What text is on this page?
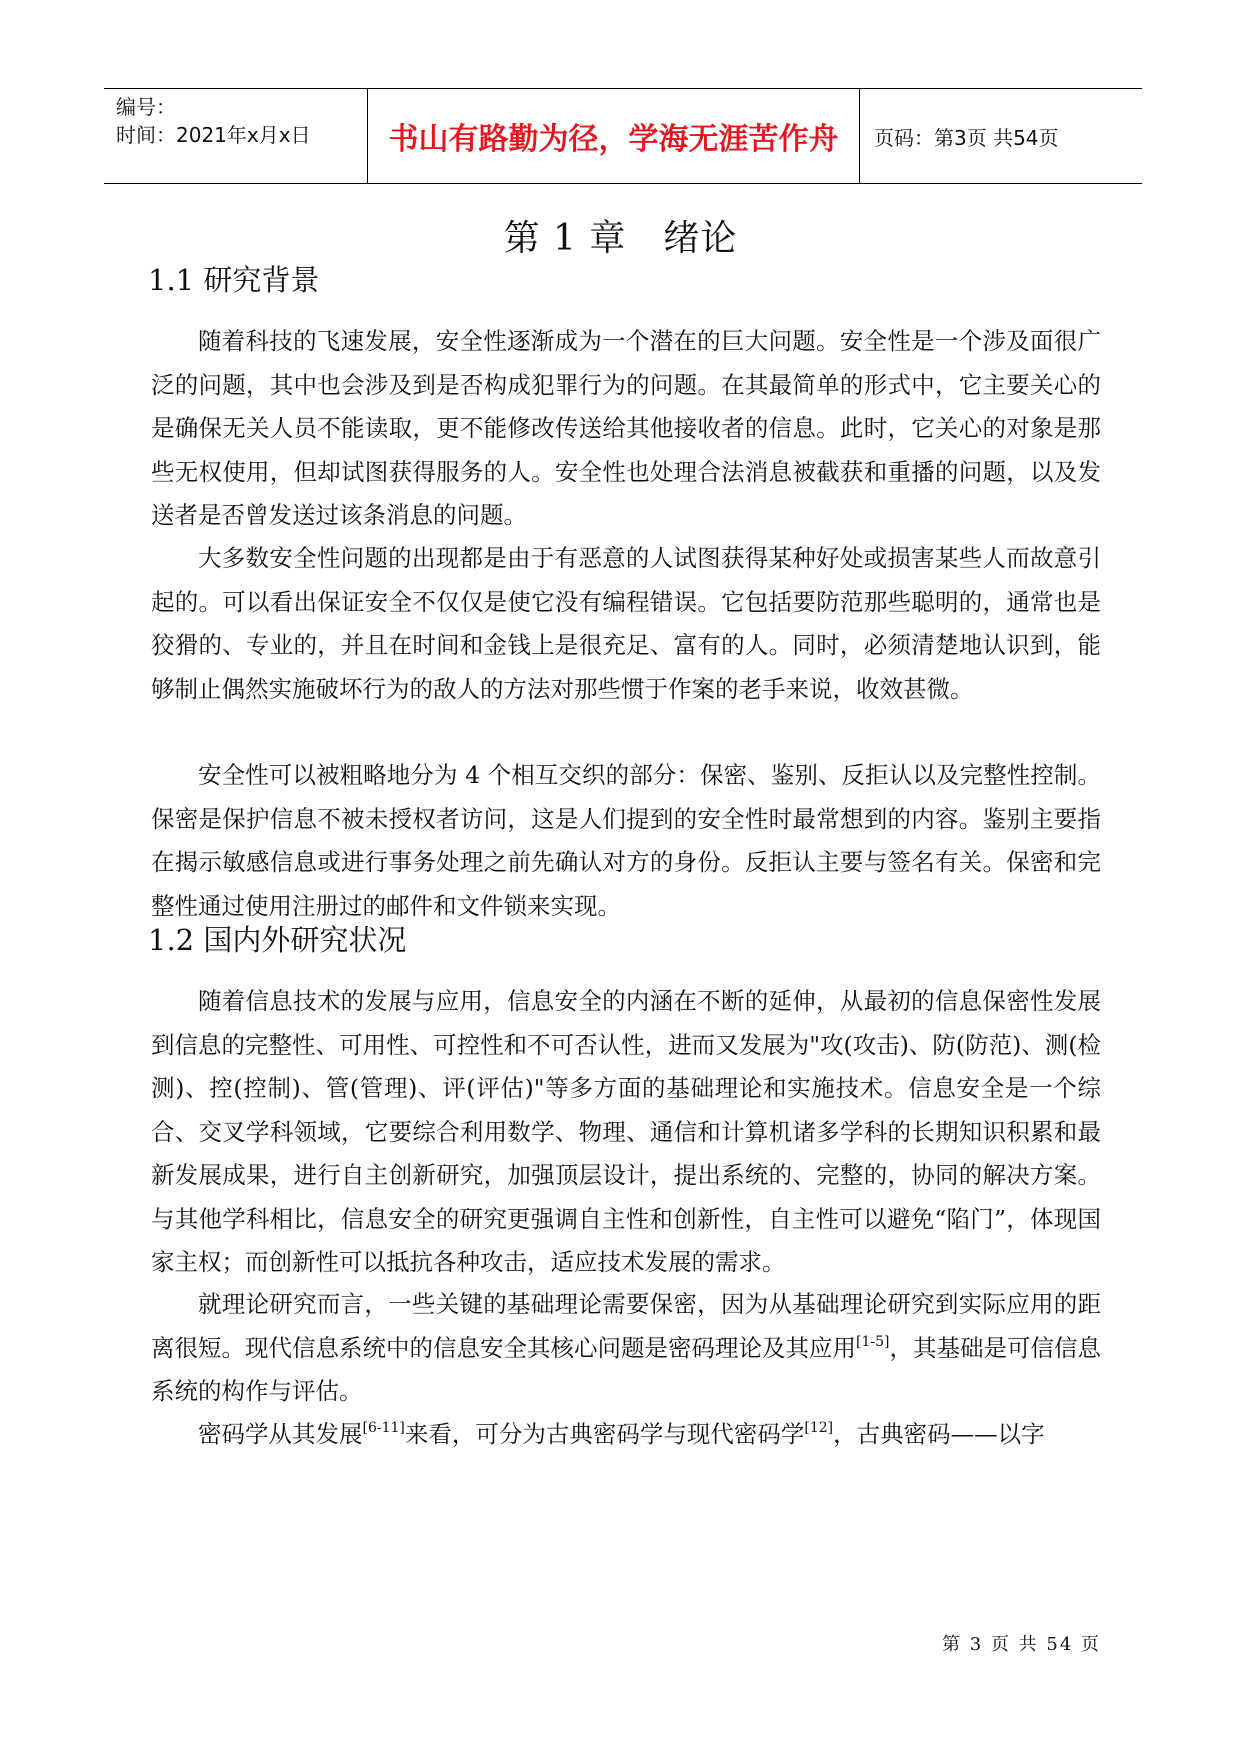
编号：
时间：2021年x月x日	书山有路勤为径，学海无涯苦作舟	页码：第3页 共54页
第 1 章　绪论
1.1 研究背景

随着科技的飞速发展，安全性逐渐成为一个潜在的巨大问题。安全性是一个涉及面很广泛的问题，其中也会涉及到是否构成犯罪行为的问题。在其最简单的形式中，它主要关心的是确保无关人员不能读取，更不能修改传送给其他接收者的信息。此时，它关心的对象是那些无权使用，但却试图获得服务的人。安全性也处理合法消息被截获和重播的问题，以及发送者是否曾发送过该条消息的问题。

大多数安全性问题的出现都是由于有恶意的人试图获得某种好处或损害某些人而故意引起的。可以看出保证安全不仅仅是使它没有编程错误。它包括要防范那些聪明的，通常也是狡猾的、专业的，并且在时间和金钱上是很充足、富有的人。同时，必须清楚地认识到，能够制止偶然实施破坏行为的敌人的方法对那些惯于作案的老手来说，收效甚微。

安全性可以被粗略地分为 4 个相互交织的部分：保密、鉴别、反拒认以及完整性控制。保密是保护信息不被未授权者访问，这是人们提到的安全性时最常想到的内容。鉴别主要指在揭示敏感信息或进行事务处理之前先确认对方的身份。反拒认主要与签名有关。保密和完整性通过使用注册过的邮件和文件锁来实现。

1.2 国内外研究状况

随着信息技术的发展与应用，信息安全的内涵在不断的延伸，从最初的信息保密性发展到信息的完整性、可用性、可控性和不可否认性，进而又发展为"攻(攻击)、防(防范)、测(检测)、控(控制)、管(管理)、评(评估)"等多方面的基础理论和实施技术。信息安全是一个综合、交叉学科领域，它要综合利用数学、物理、通信和计算机诸多学科的长期知识积累和最新发展成果，进行自主创新研究，加强顶层设计，提出系统的、完整的，协同的解决方案。与其他学科相比，信息安全的研究更强调自主性和创新性，自主性可以避免“陷门”，体现国家主权；而创新性可以抵抗各种攻击，适应技术发展的需求。

就理论研究而言，一些关键的基础理论需要保密，因为从基础理论研究到实际应用的距离很短。现代信息系统中的信息安全其核心问题是密码理论及其应用[1-5]，其基础是可信信息系统的构作与评估。

密码学从其发展[6-11]来看，可分为古典密码学与现代密码学[12]，古典密码——以字

第 3 页 共 54 页
